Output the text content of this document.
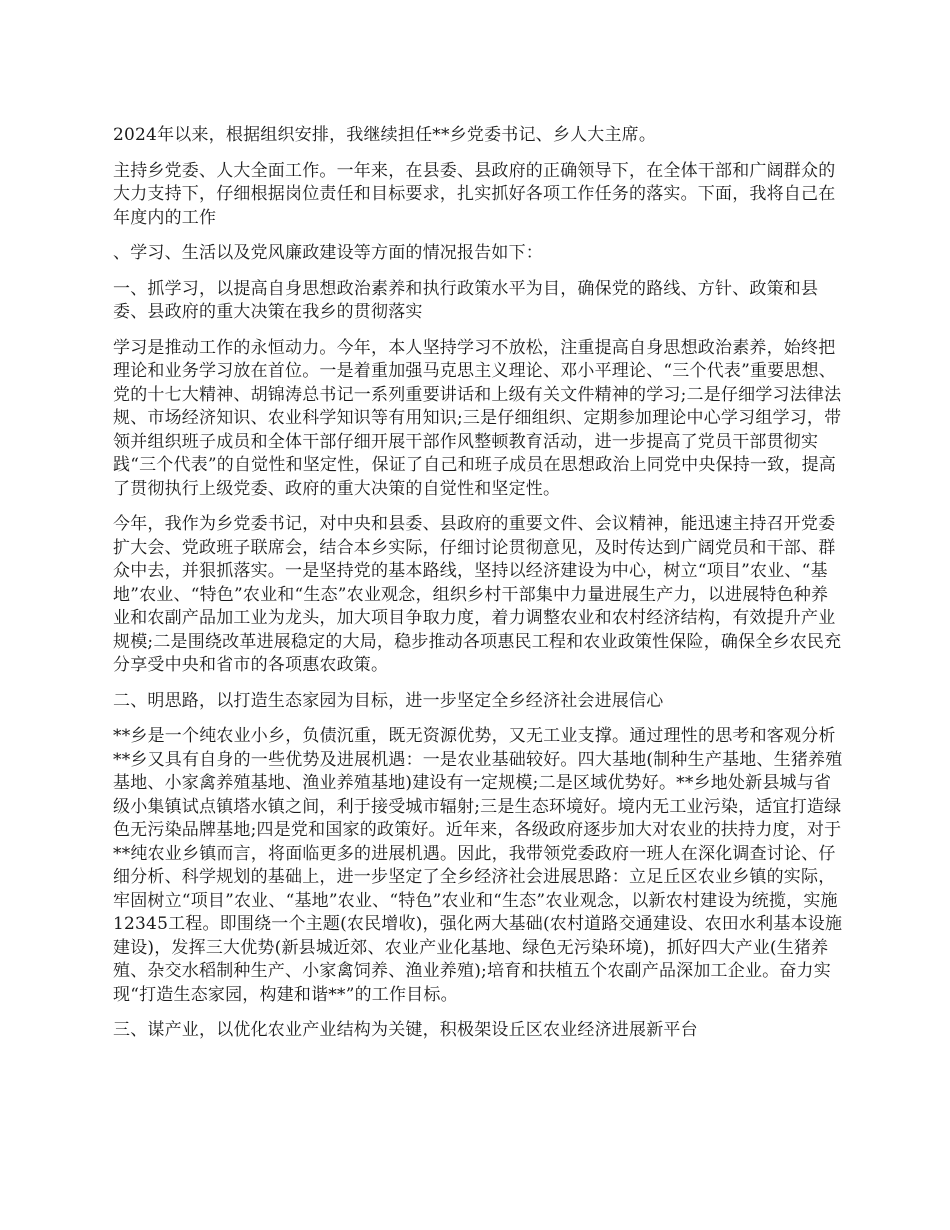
2024年以来，根据组织安排，我继续担任**乡党委书记、乡人大主席。

主持乡党委、人大全面工作。一年来，在县委、县政府的正确领导下，在全体干部和广阔群众的大力支持下，仔细根据岗位责任和目标要求，扎实抓好各项工作任务的落实。下面，我将自己在年度内的工作

、学习、生活以及党风廉政建设等方面的情况报告如下：

一、抓学习，以提高自身思想政治素养和执行政策水平为目，确保党的路线、方针、政策和县委、县政府的重大决策在我乡的贯彻落实

学习是推动工作的永恒动力。今年，本人坚持学习不放松，注重提高自身思想政治素养，始终把理论和业务学习放在首位。一是着重加强马克思主义理论、邓小平理论、“三个代表”重要思想、党的十七大精神、胡锦涛总书记一系列重要讲话和上级有关文件精神的学习;二是仔细学习法律法规、市场经济知识、农业科学知识等有用知识;三是仔细组织、定期参加理论中心学习组学习，带领并组织班子成员和全体干部仔细开展干部作风整顿教育活动，进一步提高了党员干部贯彻实践“三个代表”的自觉性和坚定性，保证了自己和班子成员在思想政治上同党中央保持一致，提高了贯彻执行上级党委、政府的重大决策的自觉性和坚定性。

今年，我作为乡党委书记，对中央和县委、县政府的重要文件、会议精神，能迅速主持召开党委扩大会、党政班子联席会，结合本乡实际，仔细讨论贯彻意见，及时传达到广阔党员和干部、群众中去，并狠抓落实。一是坚持党的基本路线，坚持以经济建设为中心，树立“项目”农业、“基地”农业、“特色”农业和“生态”农业观念，组织乡村干部集中力量进展生产力，以进展特色种养业和农副产品加工业为龙头，加大项目争取力度，着力调整农业和农村经济结构，有效提升产业规模;二是围绕改革进展稳定的大局，稳步推动各项惠民工程和农业政策性保险，确保全乡农民充分享受中央和省市的各项惠农政策。

二、明思路，以打造生态家园为目标，进一步坚定全乡经济社会进展信心

**乡是一个纯农业小乡，负债沉重，既无资源优势，又无工业支撑。通过理性的思考和客观分析**乡又具有自身的一些优势及进展机遇：一是农业基础较好。四大基地(制种生产基地、生猪养殖基地、小家禽养殖基地、渔业养殖基地)建设有一定规模;二是区域优势好。**乡地处新县城与省级小集镇试点镇塔水镇之间，利于接受城市辐射;三是生态环境好。境内无工业污染，适宜打造绿色无污染品牌基地;四是党和国家的政策好。近年来，各级政府逐步加大对农业的扶持力度，对于**纯农业乡镇而言，将面临更多的进展机遇。因此，我带领党委政府一班人在深化调查讨论、仔细分析、科学规划的基础上，进一步坚定了全乡经济社会进展思路：立足丘区农业乡镇的实际，牢固树立“项目”农业、“基地”农业、“特色”农业和“生态”农业观念，以新农村建设为统揽，实施12345工程。即围绕一个主题(农民增收)，强化两大基础(农村道路交通建设、农田水利基本设施建设)，发挥三大优势(新县城近郊、农业产业化基地、绿色无污染环境)，抓好四大产业(生猪养殖、杂交水稻制种生产、小家禽饲养、渔业养殖);培育和扶植五个农副产品深加工企业。奋力实现“打造生态家园，构建和谐**”的工作目标。

三、谋产业，以优化农业产业结构为关键，积极架设丘区农业经济进展新平台
